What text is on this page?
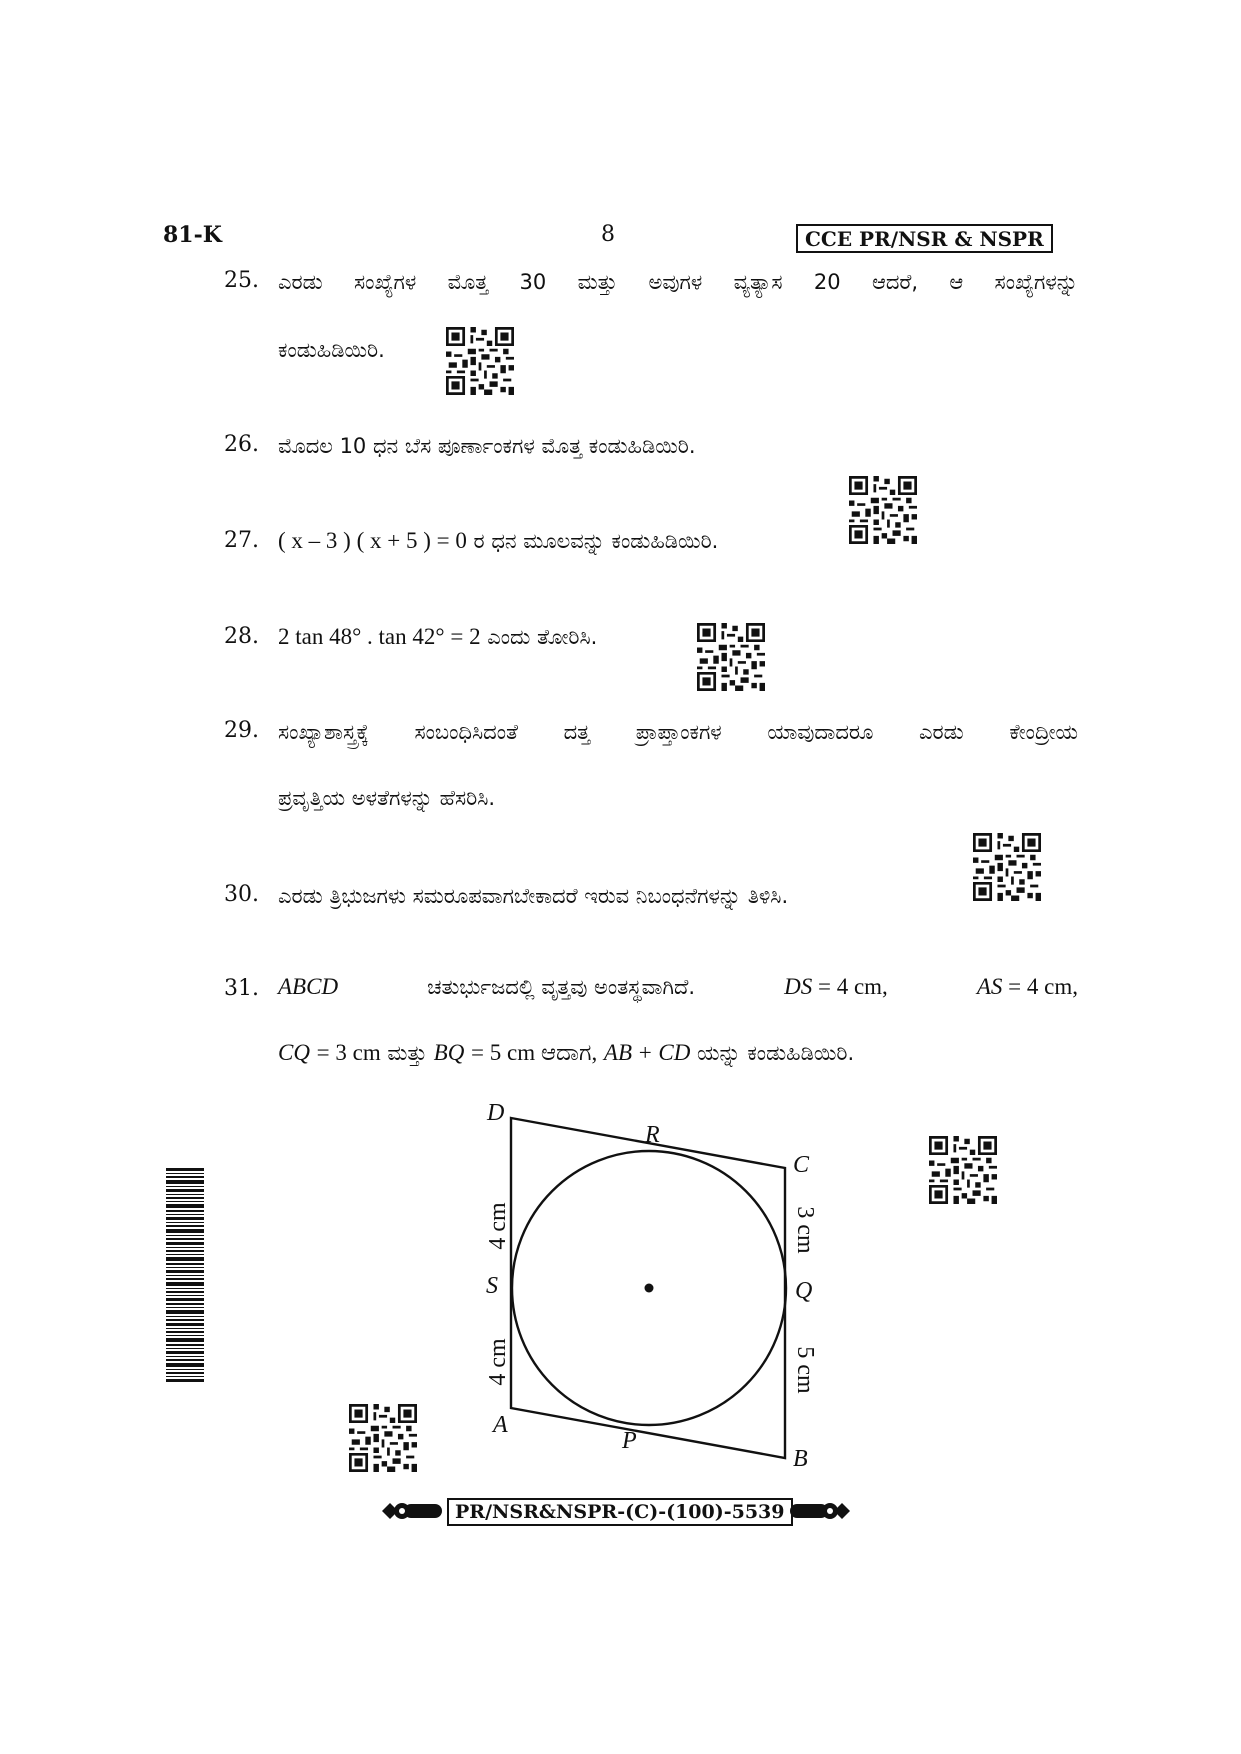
81-K	8	CCE PR/NSR & NSPR
25. ಎರಡು ಸಂಖ್ಯೆಗಳ ಮೊತ್ತ 30 ಮತ್ತು ಅವುಗಳ ವ್ಯತ್ಯಾಸ 20 ಆದರೆ, ಆ ಸಂಖ್ಯೆಗಳನ್ನು
ಕಂಡುಹಿಡಿಯಿರಿ.
26. ಮೊದಲ 10 ಧನ ಬೆಸ ಪೂರ್ಣಾಂಕಗಳ ಮೊತ್ತ ಕಂಡುಹಿಡಿಯಿರಿ.
27. ( x – 3 ) ( x + 5 ) = 0 ರ ಧನ ಮೂಲವನ್ನು ಕಂಡುಹಿಡಿಯಿರಿ.
28. 2 tan 48° . tan 42° = 2 ಎಂದು ತೋರಿಸಿ.
29. ಸಂಖ್ಯಾಶಾಸ್ತ್ರಕ್ಕೆ ಸಂಬಂಧಿಸಿದಂತೆ ದತ್ತ ಪ್ರಾಪ್ತಾಂಕಗಳ ಯಾವುದಾದರೂ ಎರಡು ಕೇಂದ್ರೀಯ
ಪ್ರವೃತ್ತಿಯ ಅಳತೆಗಳನ್ನು ಹೆಸರಿಸಿ.
30. ಎರಡು ತ್ರಿಭುಜಗಳು ಸಮರೂಪವಾಗಬೇಕಾದರೆ ಇರುವ ನಿಬಂಧನೆಗಳನ್ನು ತಿಳಿಸಿ.
31. ABCD	ಚತುರ್ಭುಜದಲ್ಲಿ ವೃತ್ತವು ಅಂತಸ್ಥವಾಗಿದೆ.	DS = 4 cm,	AS = 4 cm,
CQ = 3 cm ಮತ್ತು BQ = 5 cm ಆದಾಗ, AB + CD ಯನ್ನು ಕಂಡುಹಿಡಿಯಿರಿ.
D
C
A
B
R
S	Q
P
4 cm
4 cm
3 cm
5 cm
PR/NSR&NSPR-(C)-(100)-5539
